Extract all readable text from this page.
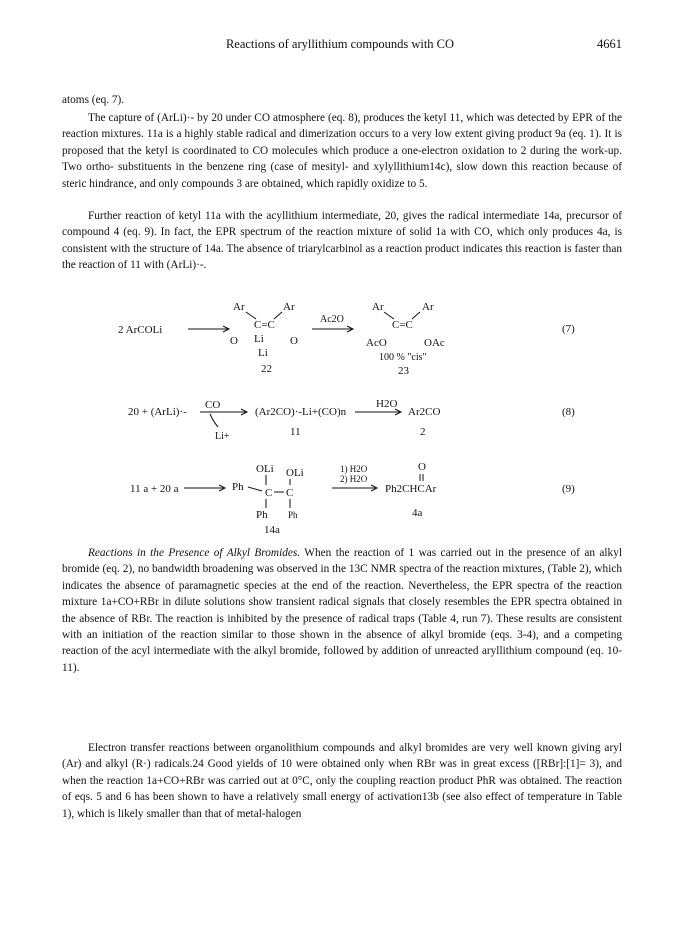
Reactions of aryllithium compounds with CO	4661

atoms (eq. 7).

The capture of (ArLi)·- by 20 under CO atmosphere (eq. 8), produces the ketyl 11, which was detected by EPR of the reaction mixtures. 11a is a highly stable radical and dimerization occurs to a very low extent giving product 9a (eq. 1). It is proposed that the ketyl is coordinated to CO molecules which produce a one-electron oxidation to 2 during the work-up. Two ortho- substituents in the benzene ring (case of mesityl- and xylyllithium14c), slow down this reaction because of steric hindrance, and only compounds 3 are obtained, which rapidly oxidize to 5.

Further reaction of ketyl 11a with the acyllithium intermediate, 20, gives the radical intermediate 14a, precursor of compound 4 (eq. 9). In fact, the EPR spectrum of the reaction mixture of solid 1a with CO, which only produces 4a, is consistent with the structure of 14a. The absence of triarylcarbinol as a reaction product indicates this reaction is faster than the reaction of 11 with (ArLi)·-.

2 ArCOLi
Ar	Ar
C=C
O Li O
Li
22
Ac2O
Ar	Ar
C=C
AcO	OAc
100 % "cis"
23
(7)
20 + (ArLi)·-
CO
Li+
(Ar2CO)·-Li+(CO)n
11
H2O
Ar2CO
2
(8)
11 a + 20 a
OLi OLi
Ph C C
Ph Ph
14a
1) H2O
2) H2O
O
Ph2CHCAr
4a
(9)

Reactions in the Presence of Alkyl Bromides. When the reaction of 1 was carried out in the presence of an alkyl bromide (eq. 2), no bandwidth broadening was observed in the 13C NMR spectra of the reaction mixtures, (Table 2), which indicates the absence of paramagnetic species at the end of the reaction. Nevertheless, the EPR spectra of the reaction mixture 1a+CO+RBr in dilute solutions show transient radical signals that closely resembles the EPR spectra obtained in the absence of RBr. The reaction is inhibited by the presence of radical traps (Table 4, run 7). These results are consistent with an initiation of the reaction similar to those shown in the absence of alkyl bromide (eqs. 3-4), and a competing reaction of the acyl intermediate with the alkyl bromide, followed by addition of unreacted aryllithium compound (eq. 10-11).

Electron transfer reactions between organolithium compounds and alkyl bromides are very well known giving aryl (Ar) and alkyl (R·) radicals.24 Good yields of 10 were obtained only when RBr was in great excess ([RBr]:[1]= 3), and when the reaction 1a+CO+RBr was carried out at 0°C, only the coupling reaction product PhR was obtained. The reaction of eqs. 5 and 6 has been shown to have a relatively small energy of activation13b (see also effect of temperature in Table 1), which is likely smaller than that of metal-halogen
